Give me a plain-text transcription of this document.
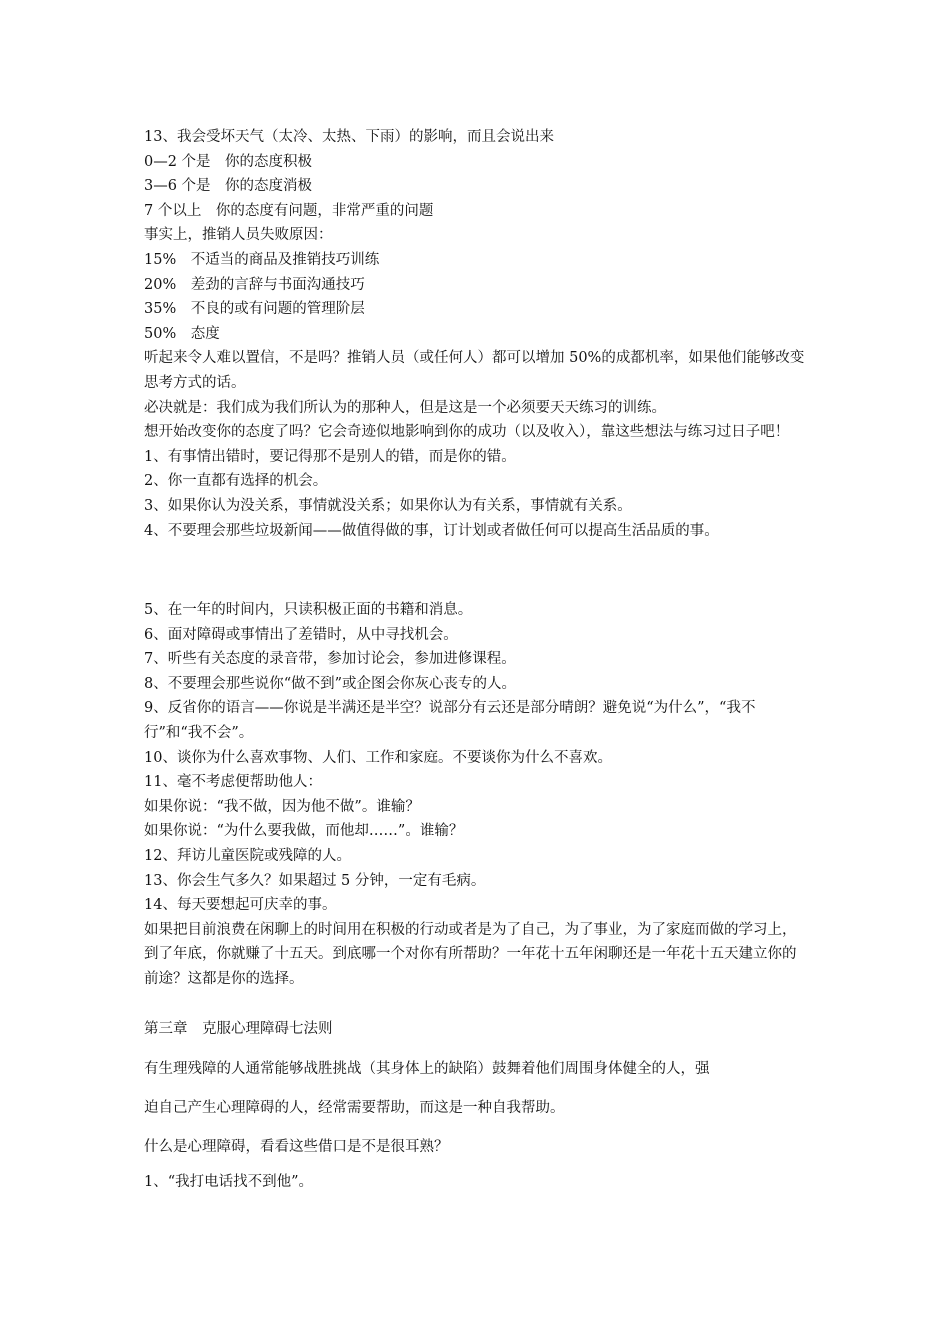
13、我会受坏天气（太冷、太热、下雨）的影响，而且会说出来
0—2 个是　你的态度积极
3—6 个是　你的态度消极
7 个以上　你的态度有问题，非常严重的问题
事实上，推销人员失败原因：
15%　不适当的商品及推销技巧训练
20%　差劲的言辞与书面沟通技巧
35%　不良的或有问题的管理阶层
50%　态度
听起来令人难以置信，不是吗？推销人员（或任何人）都可以增加 50%的成都机率，如果他们能够改变思考方式的话。
必决就是：我们成为我们所认为的那种人，但是这是一个必须要天天练习的训练。
想开始改变你的态度了吗？它会奇迹似地影响到你的成功（以及收入），靠这些想法与练习过日子吧！
1、有事情出错时，要记得那不是别人的错，而是你的错。
2、你一直都有选择的机会。
3、如果你认为没关系，事情就没关系；如果你认为有关系，事情就有关系。
4、不要理会那些垃圾新闻——做值得做的事，订计划或者做任何可以提高生活品质的事。
5、在一年的时间内，只读积极正面的书籍和消息。
6、面对障碍或事情出了差错时，从中寻找机会。
7、听些有关态度的录音带，参加讨论会，参加进修课程。
8、不要理会那些说你“做不到”或企图会你灰心丧专的人。
9、反省你的语言——你说是半满还是半空？说部分有云还是部分晴朗？避免说“为什么”，“我不行”和“我不会”。
10、谈你为什么喜欢事物、人们、工作和家庭。不要谈你为什么不喜欢。
11、毫不考虑便帮助他人：
如果你说：“我不做，因为他不做”。谁输？
如果你说：“为什么要我做，而他却……”。谁输？
12、拜访儿童医院或残障的人。
13、你会生气多久？如果超过 5 分钟，一定有毛病。
14、每天要想起可庆幸的事。
如果把目前浪费在闲聊上的时间用在积极的行动或者是为了自己，为了事业，为了家庭而做的学习上，到了年底，你就赚了十五天。到底哪一个对你有所帮助？一年花十五年闲聊还是一年花十五天建立你的前途？这都是你的选择。
第三章　克服心理障碍七法则
有生理残障的人通常能够战胜挑战（其身体上的缺陷）鼓舞着他们周围身体健全的人，强
迫自己产生心理障碍的人，经常需要帮助，而这是一种自我帮助。
什么是心理障碍，看看这些借口是不是很耳熟？
1、“我打电话找不到他”。
